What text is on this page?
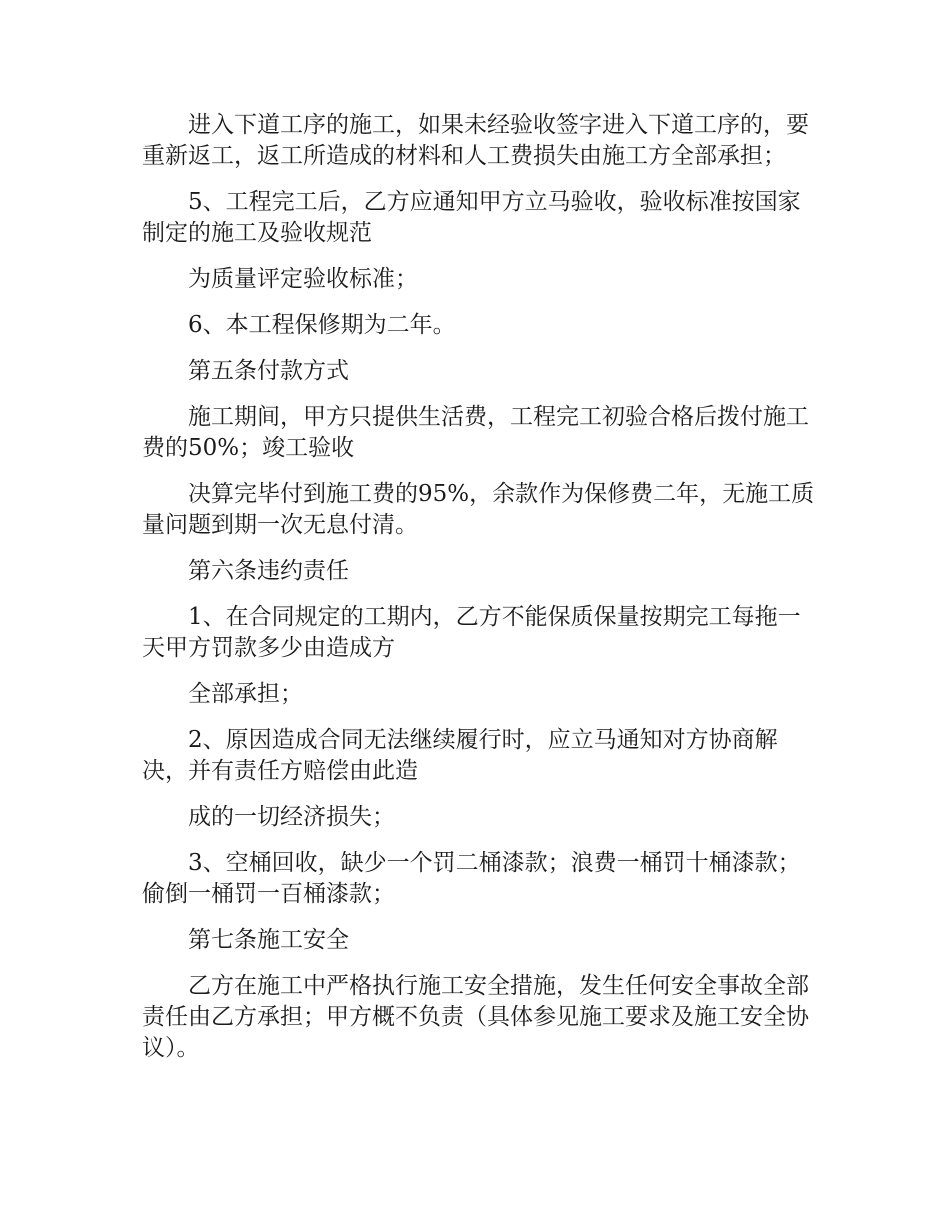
进入下道工序的施工，如果未经验收签字进入下道工序的，要重新返工，返工所造成的材料和人工费损失由施工方全部承担；

5、工程完工后，乙方应通知甲方立马验收，验收标准按国家制定的施工及验收规范

为质量评定验收标准；

6、本工程保修期为二年。

第五条付款方式

施工期间，甲方只提供生活费，工程完工初验合格后拨付施工费的50%；竣工验收

决算完毕付到施工费的95%，余款作为保修费二年，无施工质量问题到期一次无息付清。

第六条违约责任

1、在合同规定的工期内，乙方不能保质保量按期完工每拖一天甲方罚款多少由造成方

全部承担；

2、原因造成合同无法继续履行时，应立马通知对方协商解决，并有责任方赔偿由此造

成的一切经济损失；

3、空桶回收，缺少一个罚二桶漆款；浪费一桶罚十桶漆款；偷倒一桶罚一百桶漆款；

第七条施工安全

乙方在施工中严格执行施工安全措施，发生任何安全事故全部责任由乙方承担；甲方概不负责（具体参见施工要求及施工安全协议）。
